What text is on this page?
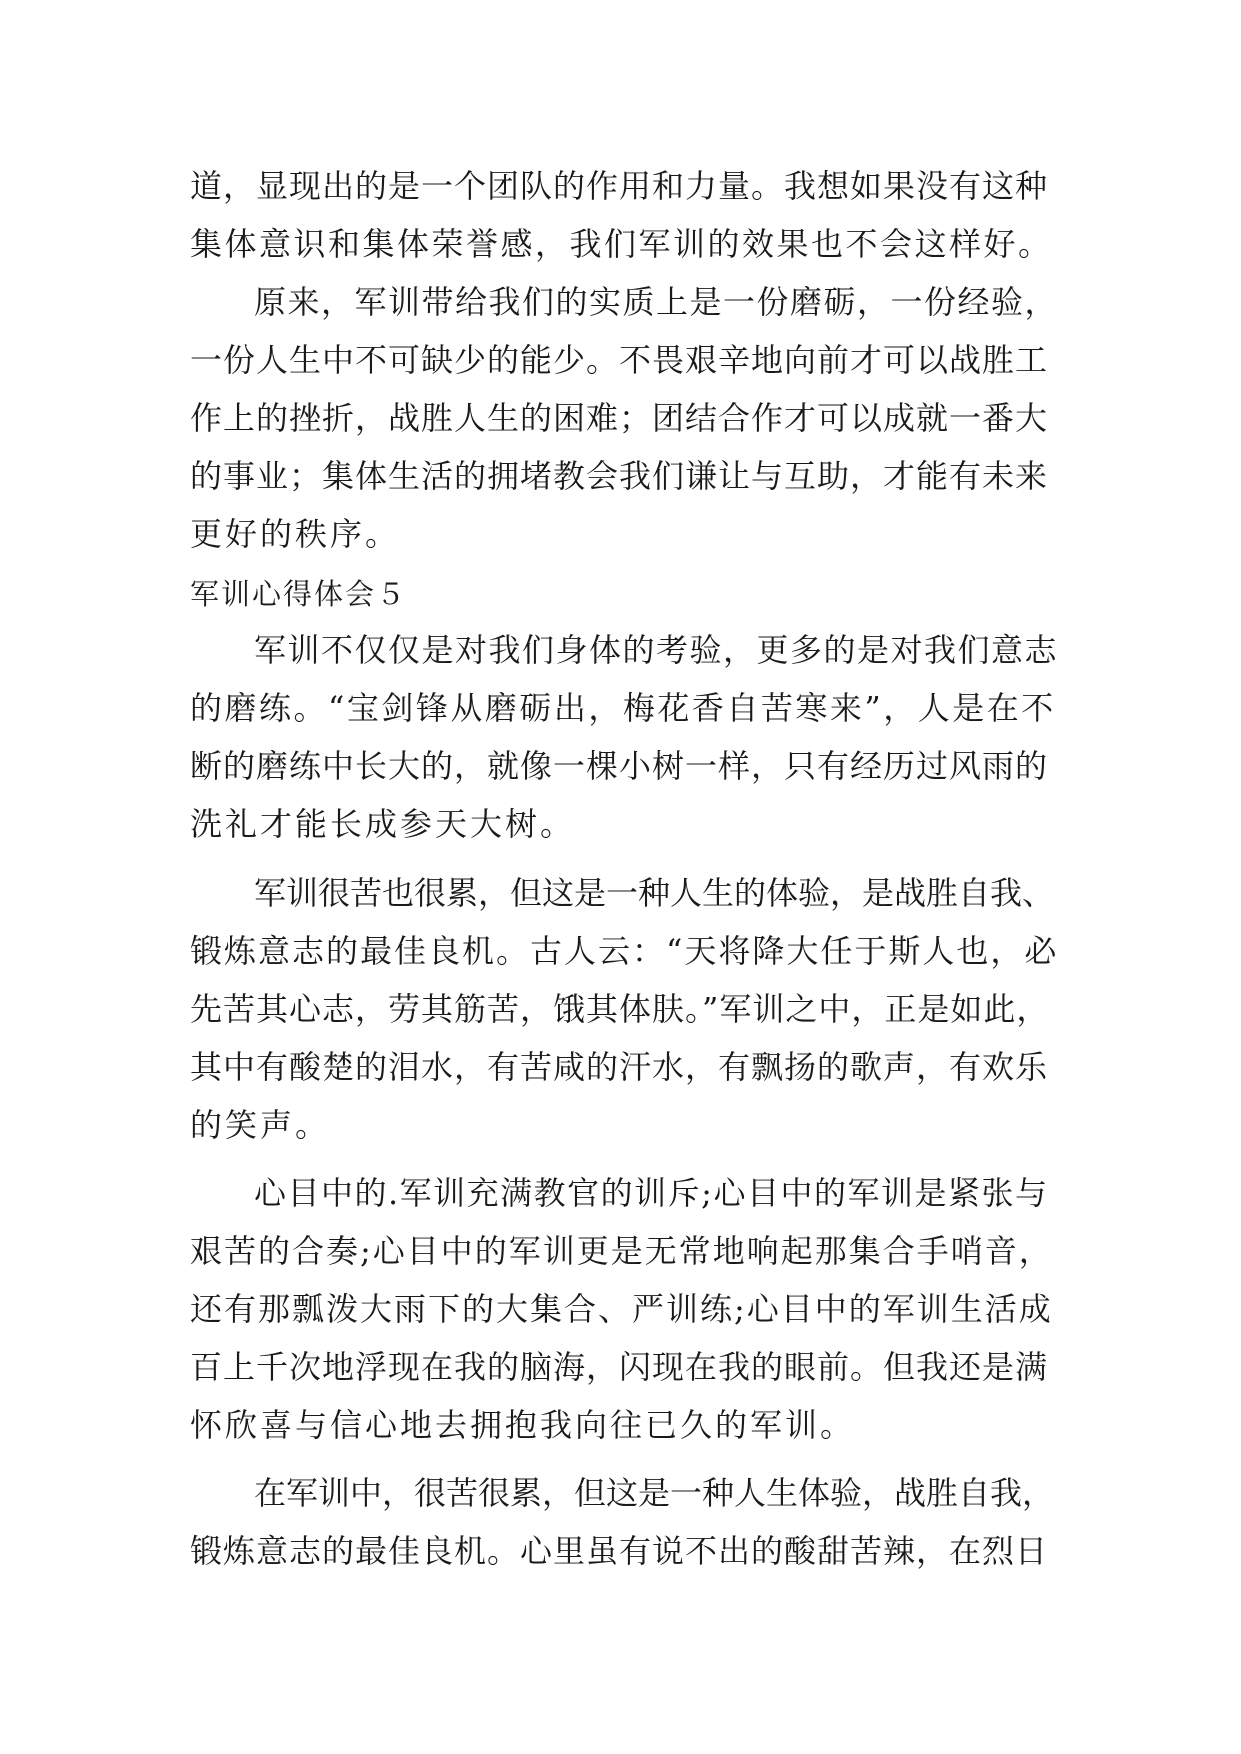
道，显现出的是一个团队的作用和力量。我想如果没有这种
集体意识和集体荣誉感，我们军训的效果也不会这样好。
原来，军训带给我们的实质上是一份磨砺，一份经验，
一份人生中不可缺少的能少。不畏艰辛地向前才可以战胜工
作上的挫折，战胜人生的困难；团结合作才可以成就一番大
的事业；集体生活的拥堵教会我们谦让与互助，才能有未来
更好的秩序。
军训心得体会５
军训不仅仅是对我们身体的考验，更多的是对我们意志
的磨练。“宝剑锋从磨砺出，梅花香自苦寒来”，人是在不
断的磨练中长大的，就像一棵小树一样，只有经历过风雨的
洗礼才能长成参天大树。
军训很苦也很累，但这是一种人生的体验，是战胜自我、
锻炼意志的最佳良机。古人云：“天将降大任于斯人也，必
先苦其心志，劳其筋苦，饿其体肤。”军训之中，正是如此，
其中有酸楚的泪水，有苦咸的汗水，有飘扬的歌声，有欢乐
的笑声。
心目中的.军训充满教官的训斥;心目中的军训是紧张与
艰苦的合奏;心目中的军训更是无常地响起那集合手哨音，
还有那瓢泼大雨下的大集合、严训练;心目中的军训生活成
百上千次地浮现在我的脑海，闪现在我的眼前。但我还是满
怀欣喜与信心地去拥抱我向往已久的军训。
在军训中，很苦很累，但这是一种人生体验，战胜自我，
锻炼意志的最佳良机。心里虽有说不出的酸甜苦辣，在烈日
